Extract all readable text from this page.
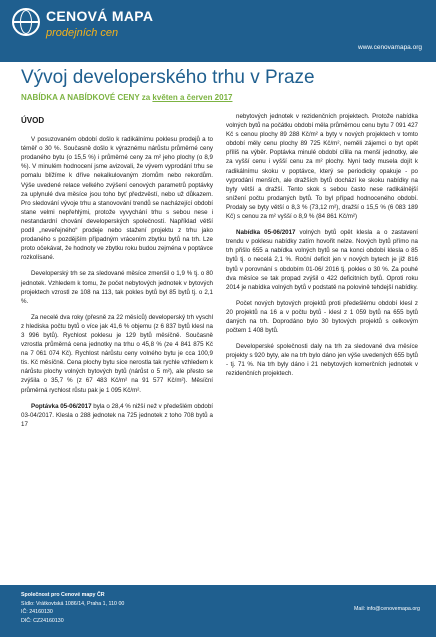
CENOVÁ MAPA
prodejních cen
www.cenovamapa.org
Vývoj developerského trhu v Praze
NABÍDKA A NABÍDKOVÉ CENY za květen a červen 2017
ÚVOD

V posuzovaném období došlo k radikálnímu poklesu prodejů a to téměř o 30 %. Současně došlo k výraznému nárůstu průměrné ceny prodaného bytu (o 15,5 %) i průměrné ceny za m² jeho plochy (o 8,9 %). V minulém hodnocení jsme avizovali, že vývem vyprodání trhu se pomalu blížíme k dříve nekalkulovaným zlomům nebo rekordům. Výše uvedené relace velkého zvýšení cenových parametrů poptávky za uplynulé dva měsíce jsou toho byť předzvěstí, nebo už důkazem. Pro sledování vývoje trhu a stanovování trendů se nacházející období stane velmi nepřehlými, protože vyvychání trhu s sebou nese i nestandardní chování developerských společností. Například větší podíl „neveřejného“ prodeje nebo stažení projektu z trhu jako prodaného s pozdějším případným vrácením zbytku bytů na trh. Lze proto očekávat, že hodnoty ve zbytku roku budou zejména v poptávce rozkolísané.

Developerský trh se za sledované měsíce zmenšil o 1,9 % tj. o 80 jednotek. Vzhledem k tomu, že počet nebytových jednotek v bytových projektech vzrostl ze 108 na 113, tak pokles bytů byl 85 bytů tj. o 2,1 %.

Za necelé dva roky (přesně za 22 měsíců) developerský trh vyschl z hlediska počtu bytů o více jak 41,6 % objemu (z 6 837 bytů klesl na 3 996 bytů). Rychlost poklesu je 129 bytů měsíčně. Současně vzrostla průměrná cena jednotky na trhu o 45,8 % (ze 4 841 875 Kč na 7 061 074 Kč). Rychlost nárůstu ceny volného bytu je cca 100,9 tis. Kč měsíčně. Cena plochy bytu sice nerostla tak rychle vzhledem k nárůstu plochy volných bytových bytů (nárůst o 5 m²), ale přesto se zvýšila o 35,7 % (z 67 483 Kč/m² na 91 577 Kč/m²). Měsíční průměrná rychlost růstu pak je 1 095 Kč/m².

Poptávka 05-06/2017 byla o 28,4 % nižší než v předešlém období 03-04/2017. Klesla o 288 jednotek na 725 jednotek z toho 708 bytů a 17

nebytových jednotek v rezidenčních projektech. Protože nabídka volných bytů na počátku období měla průměrnou cenu bytu 7 091 427 Kč s cenou plochy 89 288 Kč/m² a byty v nových projektech v tomto období měly cenu plochy 89 725 Kč/m², neměli zájemci o byt opět příliš na výběr. Poptávka minulé období cílila na menší jednotky, ale za vyšší cenu i vyšší cenu za m² plochy. Nyní tedy musela dojít k radikálnímu skoku v poptávce, který se periodicky opakuje - po vyprodání menších, ale dražších bytů dochází ke skoku nabídky na byty větší a dražší. Tento skok s sebou často nese radikálnější snížení počtu prodaných bytů. To byl případ hodnoceného období. Prodaly se byty větší o 8,3 % (73,12 m²), dražší o 15,5 % (6 083 189 Kč) s cenou za m² vyšší o 8,9 % (84 861 Kč/m²)

Nabídka 05-06/2017 volných bytů opět klesla a o zastavení trendu v poklesu nabídky zatím hovořit nelze. Nových bytů přímo na trh přišlo 655 a nabídka volných bytů se na konci období klesla o 85 bytů tj. o necelá 2,1 %. Roční deficit jen v nových bytech je již 816 bytů v porovnání s obdobím 01-06/ 2016 tj. pokles o 30 %. Za pouhé dva měsíce se tak propad zvýšil o 422 deficitních bytů. Oproti roku 2014 je nabídka volných bytů v podstatě na polovině tehdejší nabídky.

Počet nových bytových projektů proti předešlému období klesl z 20 projektů na 16 a v počtu bytů - klesl z 1 059 bytů na 655 bytů daných na trh. Doprodáno bylo 30 bytových projektů s celkovým počtem 1 408 bytů.

Developerské společnosti daly na trh za sledované dva měsíce projekty s 920 byty, ale na trh bylo dáno jen výše uvedených 655 bytů - tj. 71 %. Na trh byly dáno i 21 nebytových komerčních jednotek v rezidenčních projektech.

Společnost pro Cenové mapy ČR
Sídlo: Vrátkovtská 1086/14, Praha 1, 110 00
IČ: 24160130
DIČ: CZ24160130
Mail: info@cenovemapa.org
